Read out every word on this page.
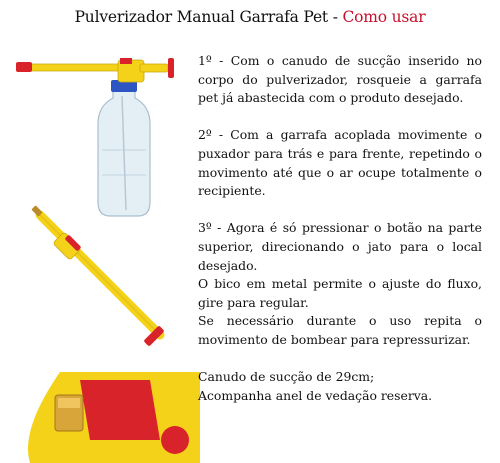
Pulverizador Manual Garrafa Pet - Como usar

1º - Com o canudo de sucção inserido no corpo do pulverizador, rosqueie a garrafa pet já abastecida com o produto desejado.

2º - Com a garrafa acoplada movimente o puxador para trás e para frente, repetindo o movimento até que o ar ocupe totalmente o recipiente.

3º - Agora é só pressionar o botão na parte superior, direcionando o jato para o local desejado.

O bico em metal permite o ajuste do fluxo, gire para regular.

Se necessário durante o uso repita o movimento de bombear para repressurizar.

Canudo de sucção de 29cm;

Acompanha anel de vedação reserva.
